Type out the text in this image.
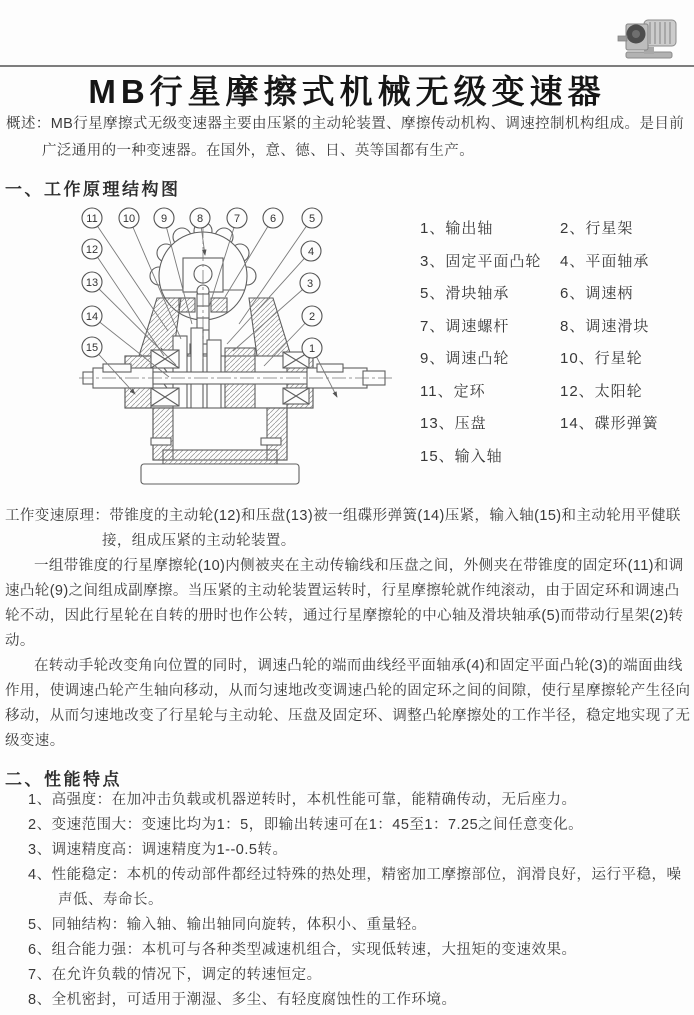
MB行星摩擦式机械无级变速器
概述：MB行星摩擦式无级变速器主要由压紧的主动轮装置、摩擦传动机构、调速控制机构组成。是目前广泛通用的一种变速器。在国外，意、德、日、英等国都有生产。
一、工作原理结构图
11 10 9	8	7	6	5
4
3
2
1
12
13
14
15
1、输出轴	2、行星架
3、固定平面凸轮	4、平面轴承
5、滑块轴承	6、调速柄
7、调速螺杆	8、调速滑块
9、调速凸轮	10、行星轮
11、定环	12、太阳轮
13、压盘	14、碟形弹簧
15、输入轴

工作变速原理：带锥度的主动轮(12)和压盘(13)被一组碟形弹簧(14)压紧，输入轴(15)和主动轮用平健联接，组成压紧的主动轮装置。

一组带锥度的行星摩擦轮(10)内侧被夹在主动传输线和压盘之间，外侧夹在带锥度的固定环(11)和调速凸轮(9)之间组成副摩擦。当压紧的主动轮装置运转时，行星摩擦轮就作纯滚动，由于固定环和调速凸轮不动，因此行星轮在自转的册时也作公转，通过行星摩擦轮的中心轴及滑块轴承(5)而带动行星架(2)转动。

在转动手轮改变角向位置的同时，调速凸轮的端而曲线经平面轴承(4)和固定平面凸轮(3)的端面曲线作用，使调速凸轮产生轴向移动，从而匀速地改变调速凸轮的固定环之间的间隙，使行星摩擦轮产生径向移动，从而匀速地改变了行星轮与主动轮、压盘及固定环、调整凸轮摩擦处的工作半径，稳定地实现了无级变速。

二、性能特点
1、高强度：在加冲击负载或机器逆转时，本机性能可靠，能精确传动，无后座力。
2、变速范围大：变速比均为1：5，即输出转速可在1：45至1：7.25之间任意变化。
3、调速精度高：调速精度为1--0.5转。
4、性能稳定：本机的传动部件都经过特殊的热处理，精密加工摩擦部位，润滑良好，运行平稳，噪声低、寿命长。
5、同轴结构：输入轴、输出轴同向旋转，体积小、重量轻。
6、组合能力强：本机可与各种类型减速机组合，实现低转速，大扭矩的变速效果。
7、在允许负载的情况下，调定的转速恒定。
8、全机密封，可适用于潮湿、多尘、有轻度腐蚀性的工作环境。
